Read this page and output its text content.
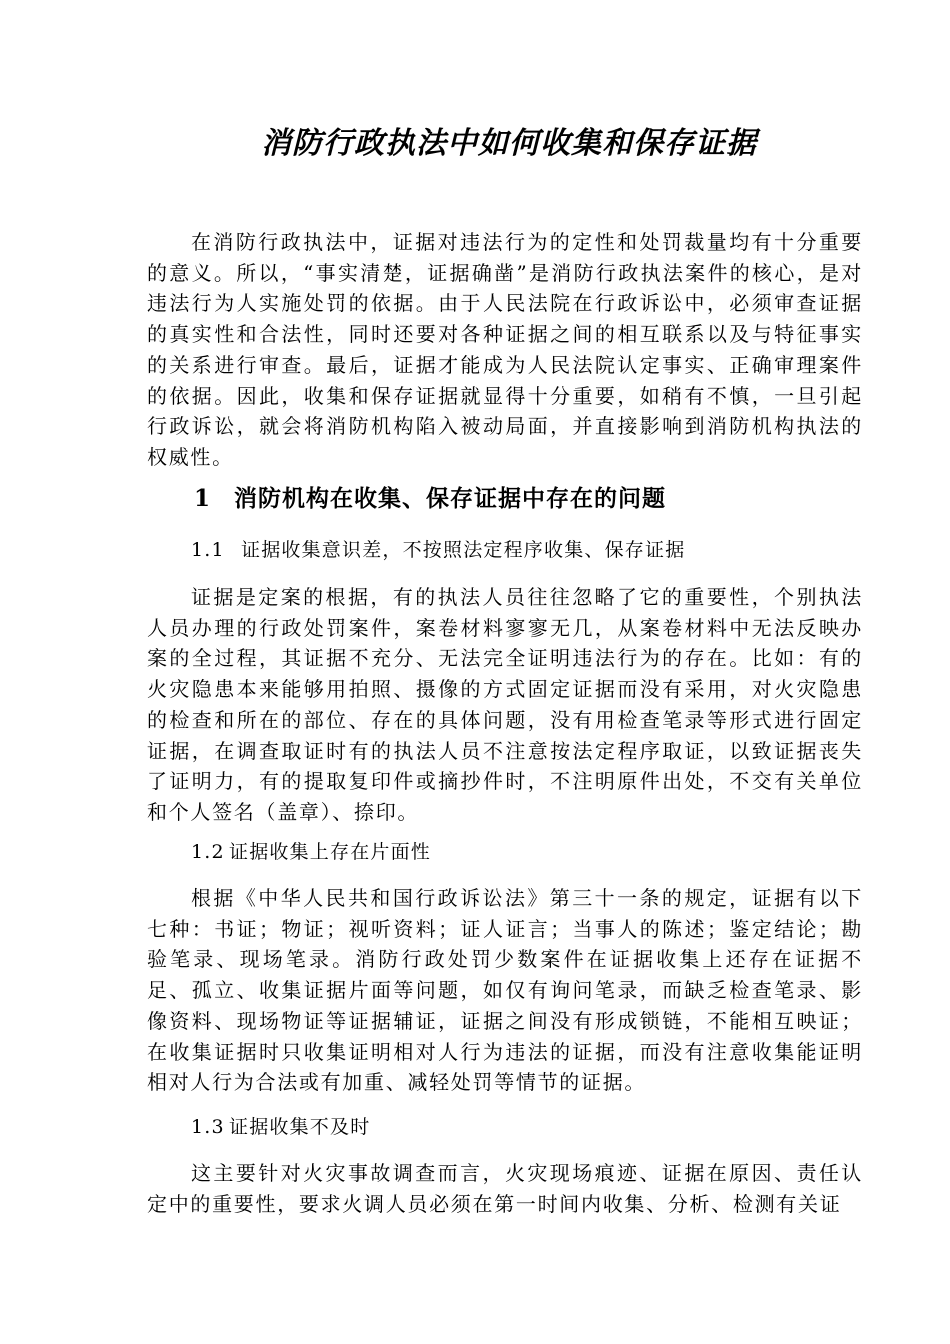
消防行政执法中如何收集和保存证据

在消防行政执法中，证据对违法行为的定性和处罚裁量均有十分重要的意义。所以，“事实清楚，证据确凿”是消防行政执法案件的核心，是对违法行为人实施处罚的依据。由于人民法院在行政诉讼中，必须审查证据的真实性和合法性，同时还要对各种证据之间的相互联系以及与特征事实的关系进行审查。最后，证据才能成为人民法院认定事实、正确审理案件的依据。因此，收集和保存证据就显得十分重要，如稍有不慎，一旦引起行政诉讼，就会将消防机构陷入被动局面，并直接影响到消防机构执法的权威性。

1 消防机构在收集、保存证据中存在的问题
1.1 证据收集意识差，不按照法定程序收集、保存证据

证据是定案的根据，有的执法人员往往忽略了它的重要性，个别执法人员办理的行政处罚案件，案卷材料寥寥无几，从案卷材料中无法反映办案的全过程，其证据不充分、无法完全证明违法行为的存在。比如：有的火灾隐患本来能够用拍照、摄像的方式固定证据而没有采用，对火灾隐患的检查和所在的部位、存在的具体问题，没有用检查笔录等形式进行固定证据，在调查取证时有的执法人员不注意按法定程序取证，以致证据丧失了证明力，有的提取复印件或摘抄件时，不注明原件出处，不交有关单位和个人签名（盖章）、捺印。

1.2 证据收集上存在片面性

根据《中华人民共和国行政诉讼法》第三十一条的规定，证据有以下七种：书证；物证；视听资料；证人证言；当事人的陈述；鉴定结论；勘验笔录、现场笔录。消防行政处罚少数案件在证据收集上还存在证据不足、孤立、收集证据片面等问题，如仅有询问笔录，而缺乏检查笔录、影像资料、现场物证等证据辅证，证据之间没有形成锁链，不能相互映证；在收集证据时只收集证明相对人行为违法的证据，而没有注意收集能证明相对人行为合法或有加重、减轻处罚等情节的证据。

1.3 证据收集不及时

这主要针对火灾事故调查而言，火灾现场痕迹、证据在原因、责任认定中的重要性，要求火调人员必须在第一时间内收集、分析、检测有关证
